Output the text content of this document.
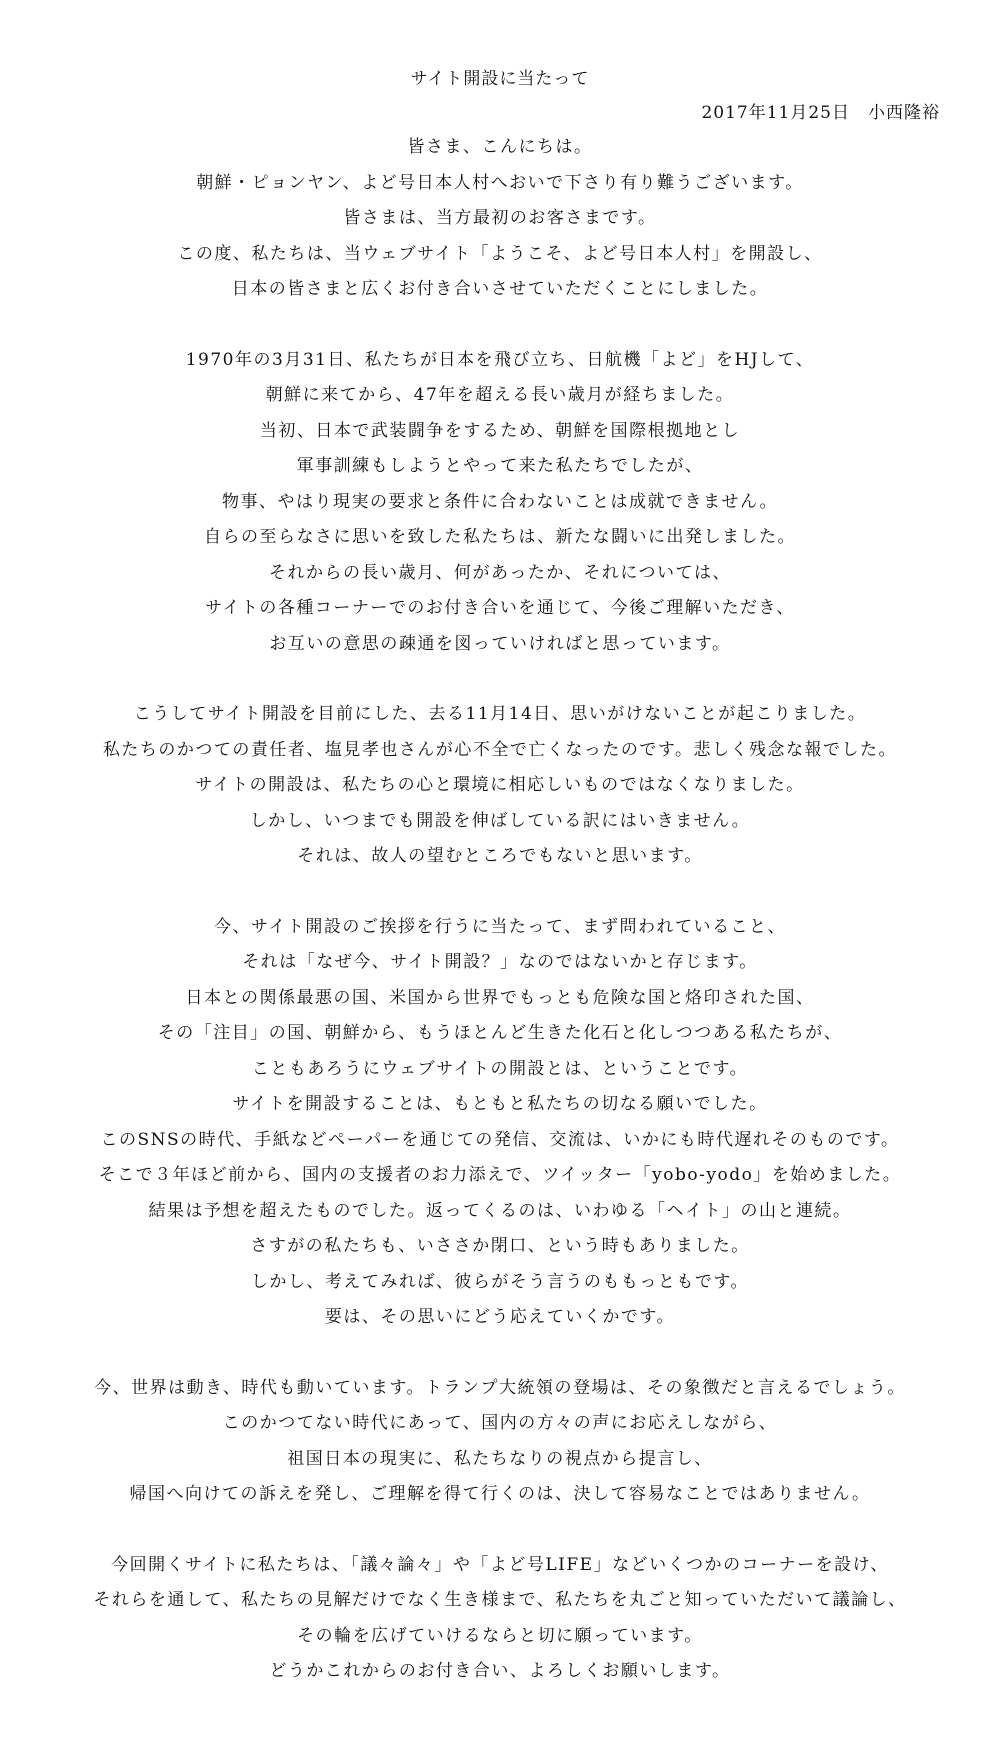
サイト開設に当たって

2017年11月25日　小西隆裕

皆さま、こんにちは。
朝鮮・ピョンヤン、よど号日本人村へおいで下さり有り難うございます。
皆さまは、当方最初のお客さまです。
この度、私たちは、当ウェブサイト「ようこそ、よど号日本人村」を開設し、
日本の皆さまと広くお付き合いさせていただくことにしました。
1970年の3月31日、私たちが日本を飛び立ち、日航機「よど」をHJして、
朝鮮に来てから、47年を超える長い歳月が経ちました。
当初、日本で武装闘争をするため、朝鮮を国際根拠地とし
軍事訓練もしようとやって来た私たちでしたが、
物事、やはり現実の要求と条件に合わないことは成就できません。
自らの至らなさに思いを致した私たちは、新たな闘いに出発しました。
それからの長い歳月、何があったか、それについては、
サイトの各種コーナーでのお付き合いを通じて、今後ご理解いただき、
お互いの意思の疎通を図っていければと思っています。
こうしてサイト開設を目前にした、去る11月14日、思いがけないことが起こりました。
私たちのかつての責任者、塩見孝也さんが心不全で亡くなったのです。悲しく残念な報でした。
サイトの開設は、私たちの心と環境に相応しいものではなくなりました。
しかし、いつまでも開設を伸ばしている訳にはいきません。
それは、故人の望むところでもないと思います。
今、サイト開設のご挨拶を行うに当たって、まず問われていること、
それは「なぜ今、サイト開設？」なのではないかと存じます。
日本との関係最悪の国、米国から世界でもっとも危険な国と烙印された国、
その「注目」の国、朝鮮から、もうほとんど生きた化石と化しつつある私たちが、
こともあろうにウェブサイトの開設とは、ということです。
サイトを開設することは、もともと私たちの切なる願いでした。
このSNSの時代、手紙などペーパーを通じての発信、交流は、いかにも時代遅れそのものです。
そこで３年ほど前から、国内の支援者のお力添えで、ツイッター「yobo-yodo」を始めました。
結果は予想を超えたものでした。返ってくるのは、いわゆる「ヘイト」の山と連続。
さすがの私たちも、いささか閉口、という時もありました。
しかし、考えてみれば、彼らがそう言うのももっともです。
要は、その思いにどう応えていくかです。
今、世界は動き、時代も動いています。トランプ大統領の登場は、その象徴だと言えるでしょう。
このかつてない時代にあって、国内の方々の声にお応えしながら、
祖国日本の現実に、私たちなりの視点から提言し、
帰国へ向けての訴えを発し、ご理解を得て行くのは、決して容易なことではありません。
今回開くサイトに私たちは、「議々論々」や「よど号LIFE」などいくつかのコーナーを設け、
それらを通して、私たちの見解だけでなく生き様まで、私たちを丸ごと知っていただいて議論し、
その輪を広げていけるならと切に願っています。
どうかこれからのお付き合い、よろしくお願いします。
